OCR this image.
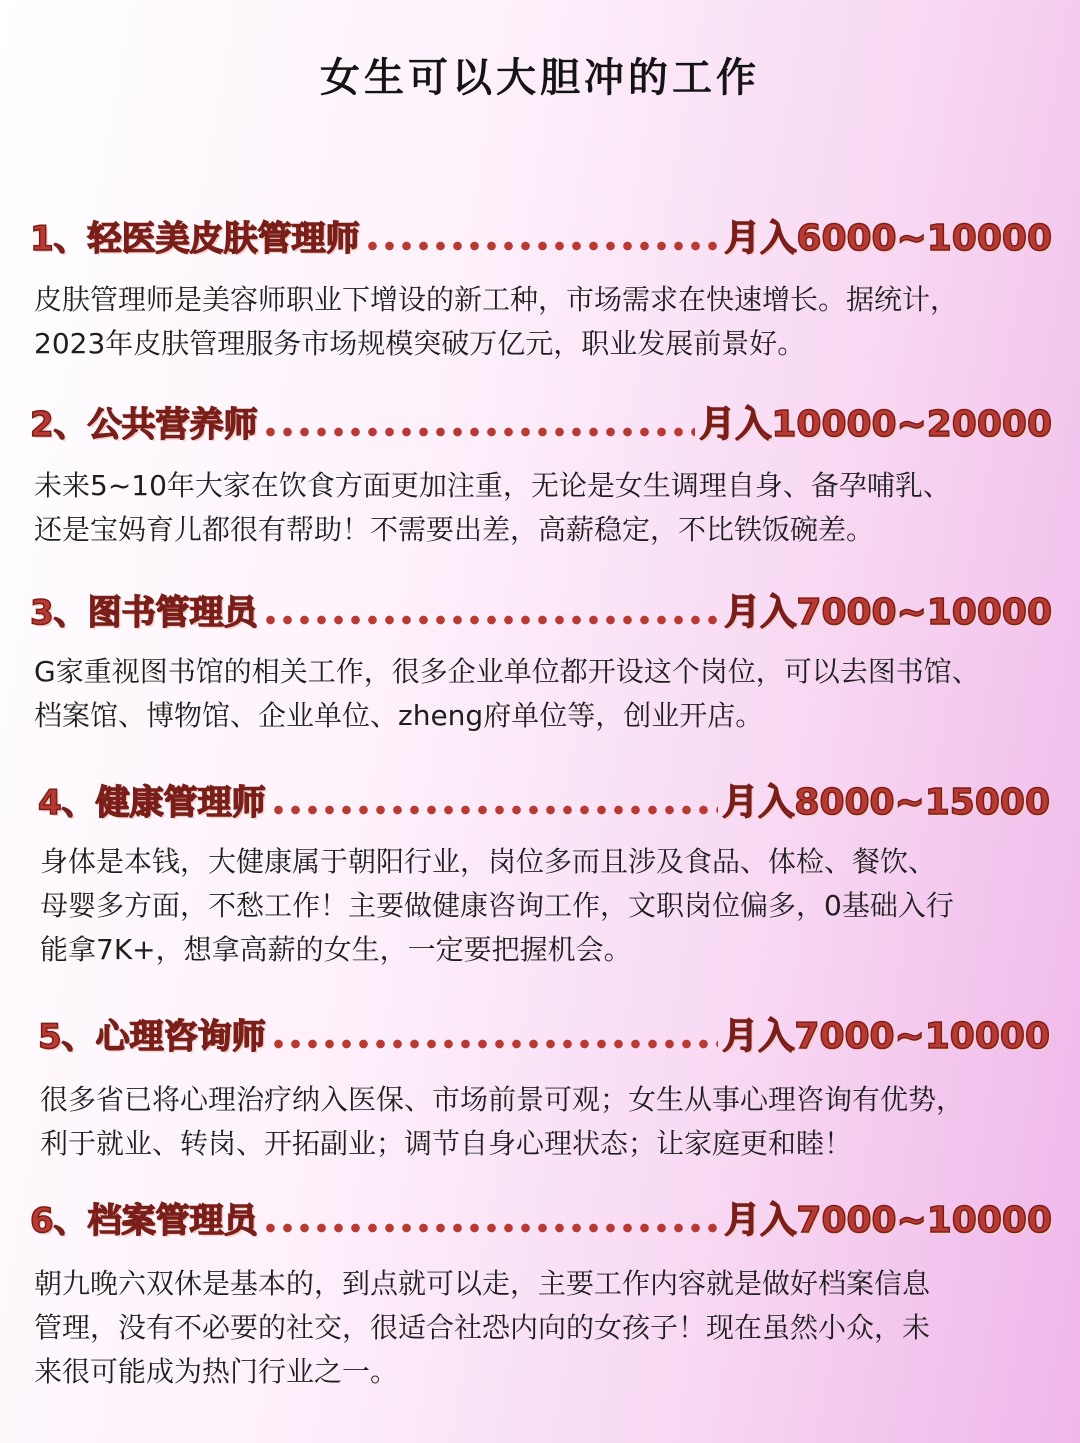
女生可以大胆冲的工作
1、 轻医美皮肤管理师	月入6000~10000
皮肤管理师是美容师职业下增设的新工种，市场需求在快速增长。据统计，
2023年皮肤管理服务市场规模突破万亿元，职业发展前景好。
2、 公共营养师	月入10000~20000
未来5~10年大家在饮食方面更加注重，无论是女生调理自身、备孕哺乳、
还是宝妈育儿都很有帮助！不需要出差，高薪稳定，不比铁饭碗差。
3、 图书管理员	月入7000~10000
G家重视图书馆的相关工作，很多企业单位都开设这个岗位，可以去图书馆、
档案馆、博物馆、企业单位、zheng府单位等，创业开店。
4、 健康管理师	月入8000~15000
身体是本钱，大健康属于朝阳行业，岗位多而且涉及食品、体检、餐饮、
母婴多方面，不愁工作！主要做健康咨询工作，文职岗位偏多，0基础入行
能拿7K+，想拿高薪的女生，一定要把握机会。
5、 心理咨询师	月入7000~10000
很多省已将心理治疗纳入医保、市场前景可观；女生从事心理咨询有优势，
利于就业、转岗、开拓副业；调节自身心理状态；让家庭更和睦！
6、 档案管理员	月入7000~10000
朝九晚六双休是基本的，到点就可以走，主要工作内容就是做好档案信息
管理，没有不必要的社交，很适合社恐内向的女孩子！现在虽然小众，未
来很可能成为热门行业之一。
